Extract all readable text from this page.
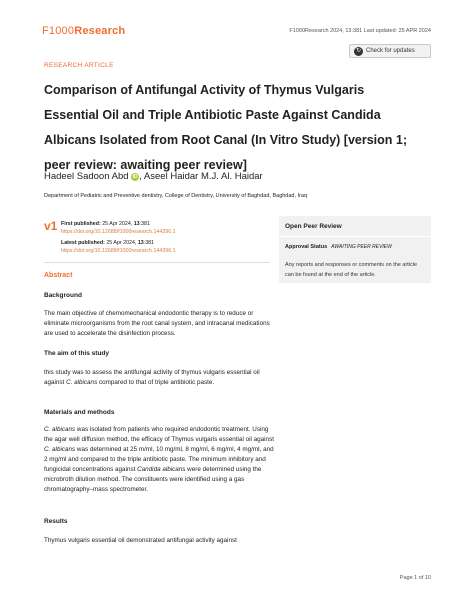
F1000Research	F1000Research 2024, 13:381 Last updated: 25 APR 2024
↻ Check for updates
RESEARCH ARTICLE
Comparison of Antifungal Activity of Thymus Vulgaris
Essential Oil and Triple Antibiotic Paste Against Candida
Albicans Isolated from Root Canal (In Vitro Study) [version 1;
peer review: awaiting peer review]
Hadeel Sadoon Abd iD , Aseel Haidar M.J. Al. Haidar
Department of Pediatric and Preventive dentistry, College of Dentistry, University of Baghdad, Baghdad, Iraq
v1 First published: 25 Apr 2024, 13:381
https://doi.org/10.12688/f1000research.144396.1
Latest published: 25 Apr 2024, 13:381
https://doi.org/10.12688/f1000research.144396.1
Open Peer Review
Approval Status AWAITING PEER REVIEW
Any reports and responses or comments on the article can be found at the end of the article.
Abstract
Background
The main objective of chemomechanical endodontic therapy is to reduce or eliminate microorganisms from the root canal system, and intracanal medications are used to accelerate the disinfection process.
The aim of this study
this study was to assess the antifungal activity of thymus vulgaris essential oil against C. albicans compared to that of triple antibiotic paste.
Materials and methods
C. albicans was isolated from patients who required endodontic treatment. Using the agar well diffusion method, the efficacy of Thymus vulgaris essential oil against C. albicans was determined at 25 m/ml, 10 mg/ml, 8 mg/ml, 6 mg/ml, 4 mg/ml, and 2 mg/ml and compared to the triple antibiotic paste. The minimum inhibitory and fungicidal concentrations against Candida albicans were determined using the microbroth dilution method. The constituents were identified using a gas chromatography–mass spectrometer.
Results
Thymus vulgaris essential oil demonstrated antifungal activity against
Page 1 of 10
